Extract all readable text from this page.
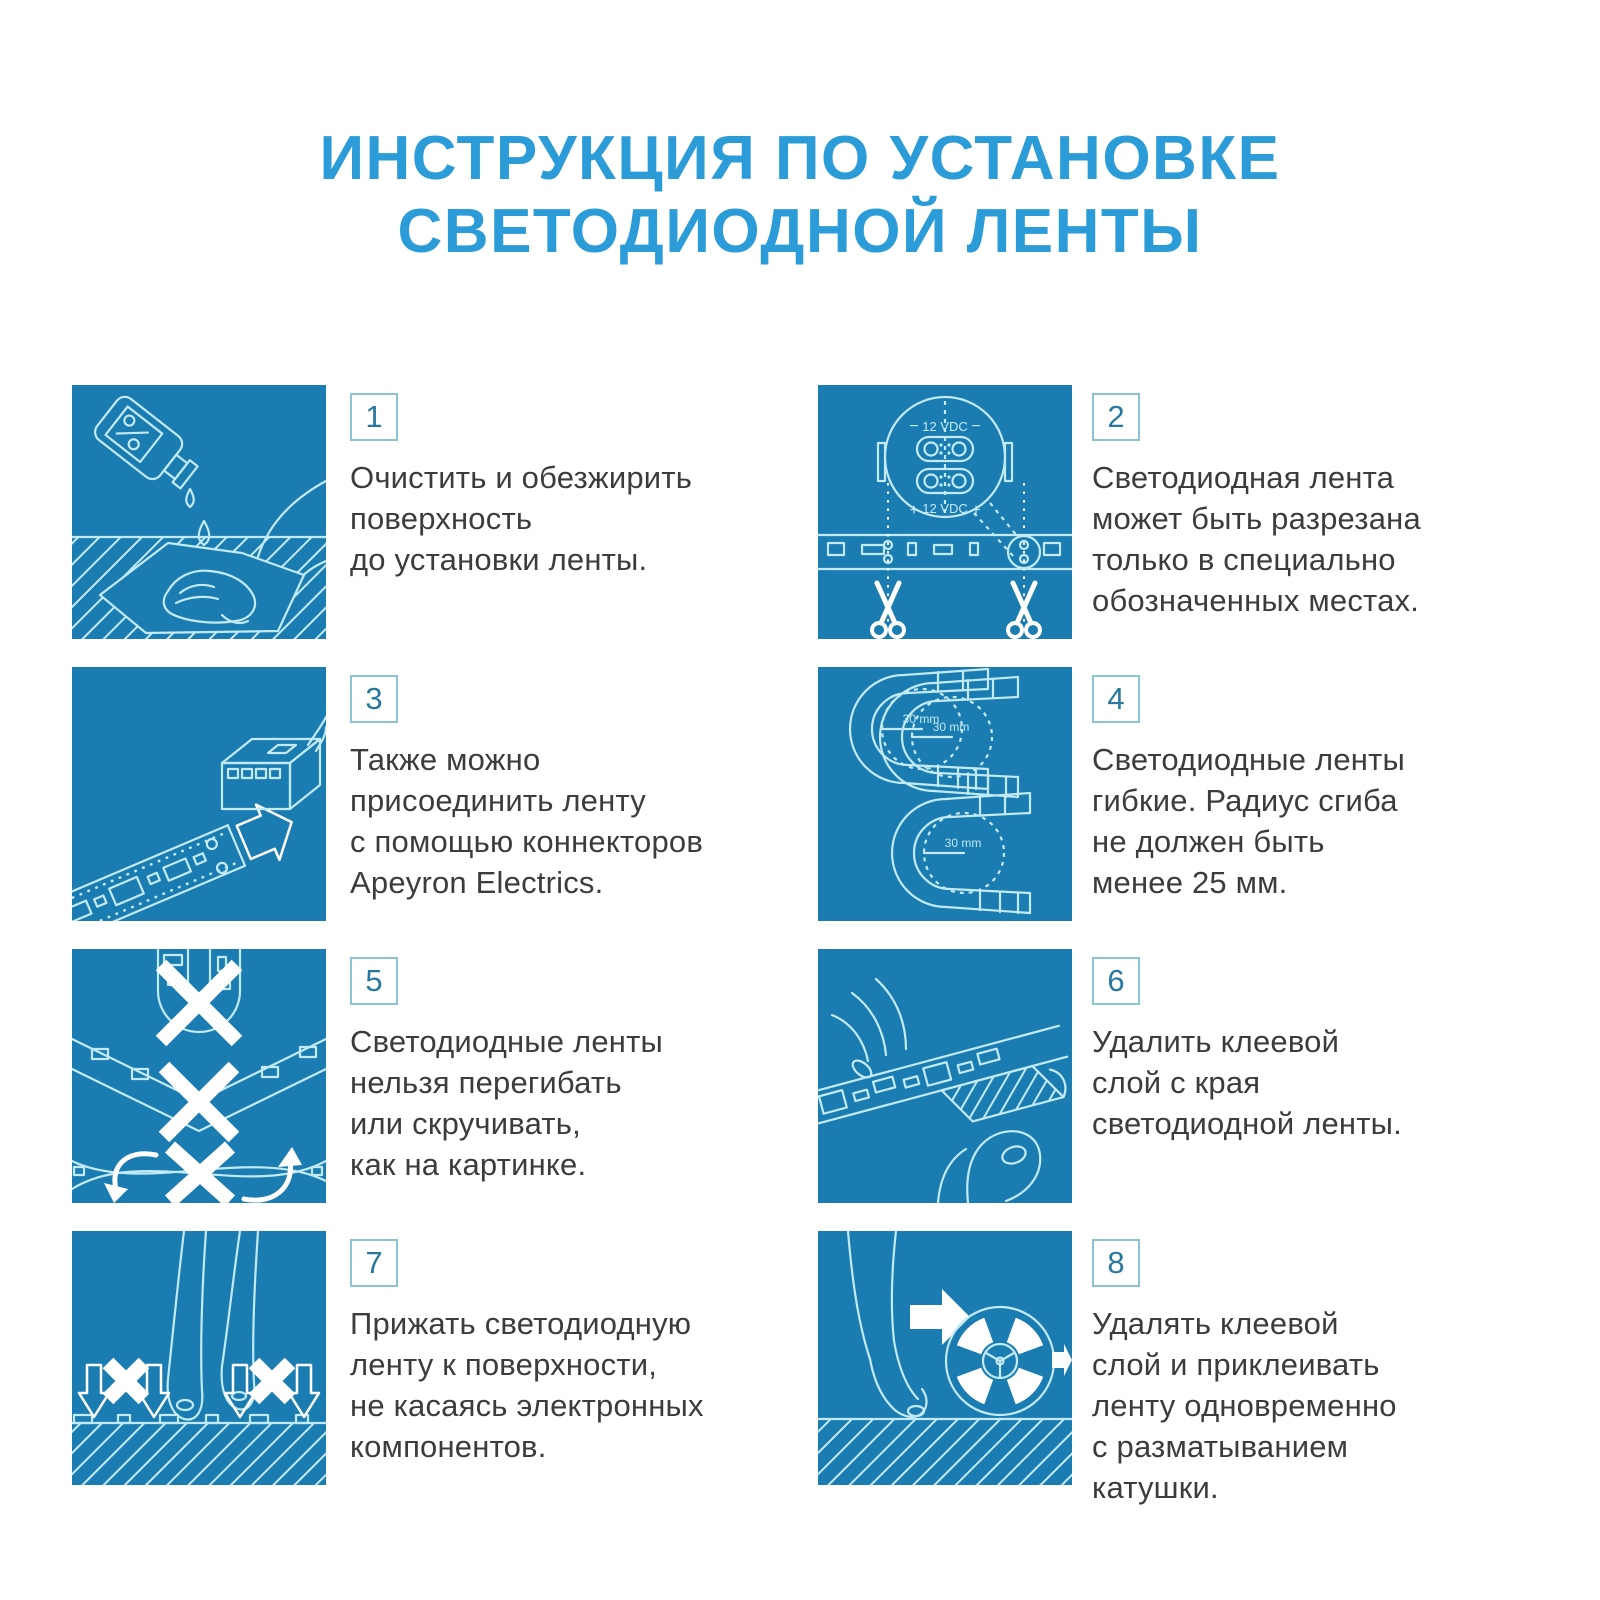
ИНСТРУКЦИЯ ПО УСТАНОВКЕ
СВЕТОДИОДНОЙ ЛЕНТЫ
1
Очистить и обезжирить
поверхность
до установки ленты.
− 12 VDC −
+ 12 VDC +
2
Светодиодная лента
может быть разрезана
только в специально
обозначенных местах.
3
Также можно
присоединить ленту
с помощью коннекторов
Apeyron Electrics.
30 mm
4
Светодиодные ленты
гибкие. Радиус сгиба
не должен быть
менее 25 мм.
5
Светодиодные ленты
нельзя перегибать
или скручивать,
как на картинке.
6
Удалить клеевой
слой с края
светодиодной ленты.
7
Прижать светодиодную
ленту к поверхности,
не касаясь электронных
компонентов.
8
Удалять клеевой
слой и приклеивать
ленту одновременно
с разматыванием
катушки.
